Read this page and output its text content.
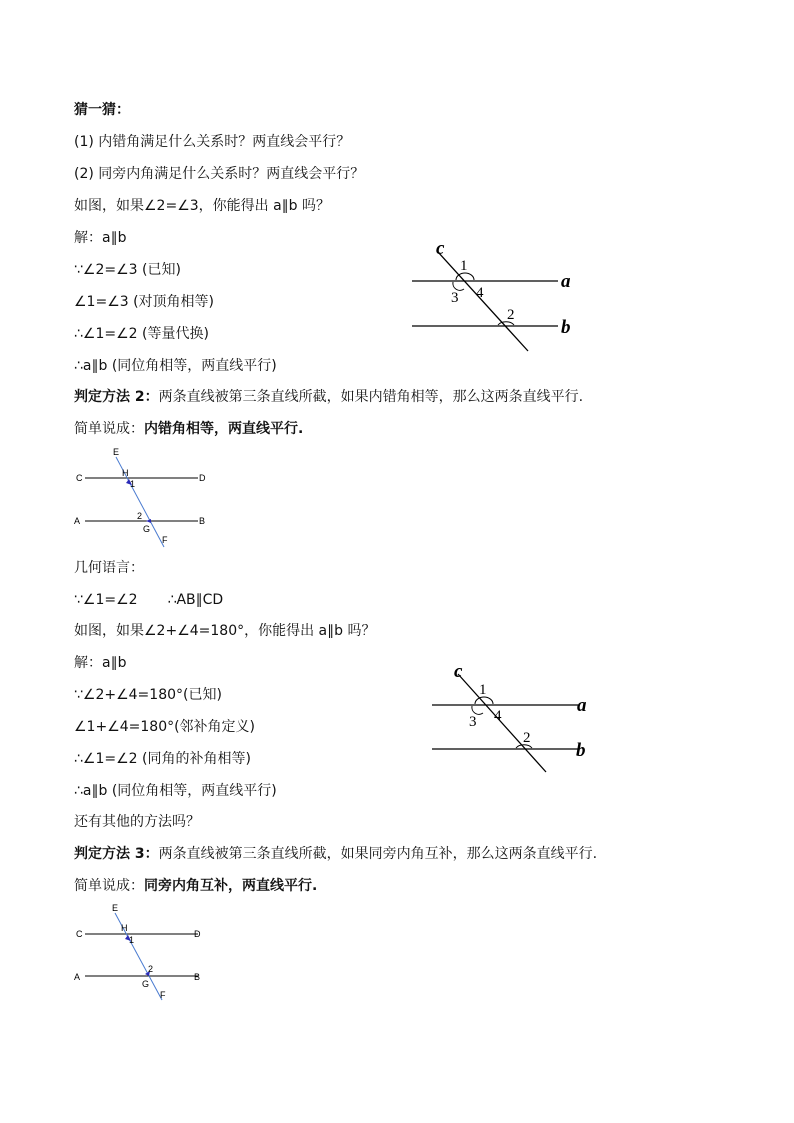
猜一猜：
(1) 内错角满足什么关系时？两直线会平行？
(2) 同旁内角满足什么关系时？两直线会平行？
如图，如果∠2=∠3，你能得出 a∥b 吗？
解：a∥b
∵∠2=∠3 (已知)
∠1=∠3 (对顶角相等)
∴∠1=∠2 (等量代换)
∴a∥b (同位角相等，两直线平行)
判定方法 2：两条直线被第三条直线所截，如果内错角相等，那么这两条直线平行.
简单说成：内错角相等，两直线平行.
c
a
b
1
3 4
2
E
H
1
C	D
A	B
2
G
F
几何语言：
∵∠1=∠2 ∴AB∥CD
如图，如果∠2+∠4=180°，你能得出 a∥b 吗？
解：a∥b
∵∠2+∠4=180°(已知)
∠1+∠4=180°(邻补角定义)
∴∠1=∠2 (同角的补角相等)
∴a∥b (同位角相等，两直线平行)
还有其他的方法吗？
判定方法 3：两条直线被第三条直线所截，如果同旁内角互补，那么这两条直线平行.
简单说成：同旁内角互补，两直线平行.
c
a
b
1
3 4
2
E
H
1
C	D
A	B
2
G
F
